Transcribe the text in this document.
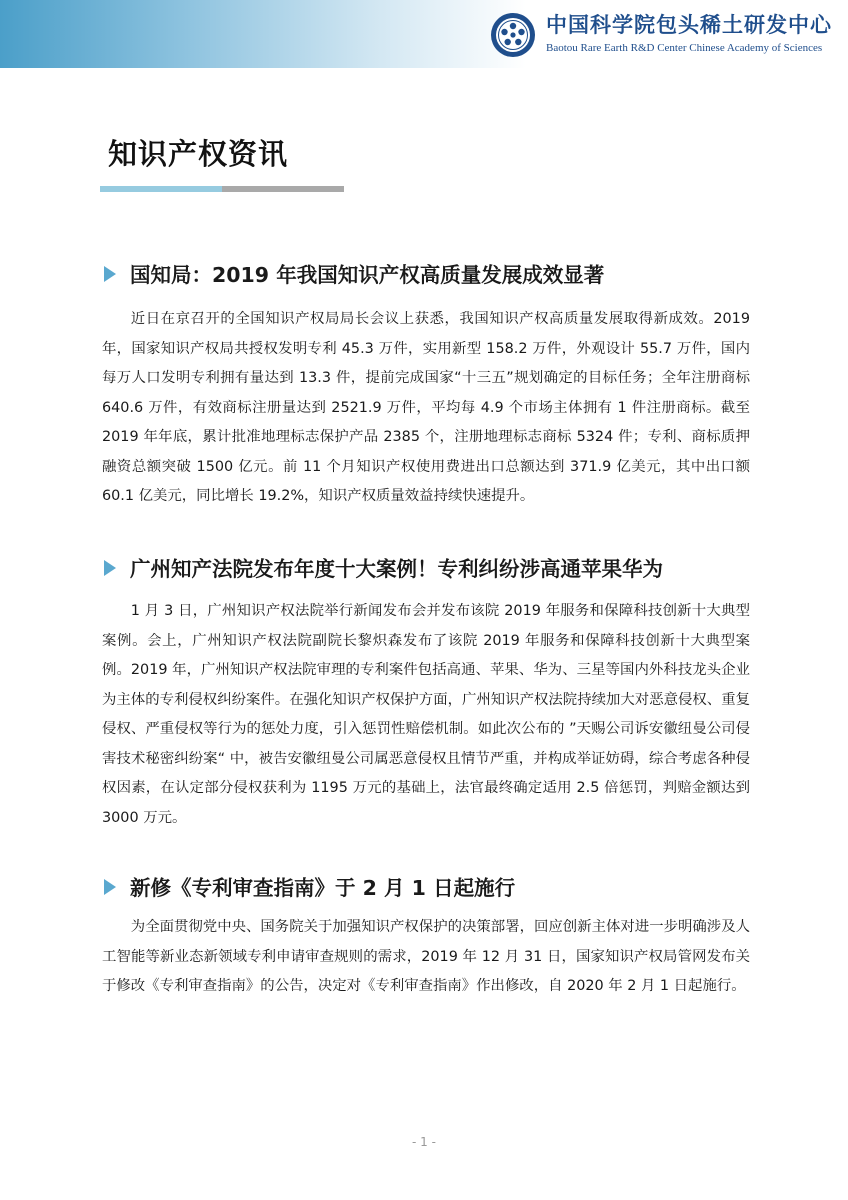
中国科学院包头稀土研发中心
Baotou Rare Earth R&D Center Chinese Academy of Sciences
知识产权资讯
国知局：2019 年我国知识产权高质量发展成效显著

近日在京召开的全国知识产权局局长会议上获悉，我国知识产权高质量发展取得新成效。2019 年，国家知识产权局共授权发明专利 45.3 万件，实用新型 158.2 万件，外观设计 55.7 万件，国内每万人口发明专利拥有量达到 13.3 件，提前完成国家“十三五”规划确定的目标任务；全年注册商标 640.6 万件，有效商标注册量达到 2521.9 万件，平均每 4.9 个市场主体拥有 1 件注册商标。截至 2019 年年底，累计批准地理标志保护产品 2385 个，注册地理标志商标 5324 件；专利、商标质押融资总额突破 1500 亿元。前 11 个月知识产权使用费进出口总额达到 371.9 亿美元，其中出口额 60.1 亿美元，同比增长 19.2%，知识产权质量效益持续快速提升。

广州知产法院发布年度十大案例！专利纠纷涉高通苹果华为

1 月 3 日，广州知识产权法院举行新闻发布会并发布该院 2019 年服务和保障科技创新十大典型案例。会上，广州知识产权法院副院长黎炽森发布了该院 2019 年服务和保障科技创新十大典型案例。2019 年，广州知识产权法院审理的专利案件包括高通、苹果、华为、三星等国内外科技龙头企业为主体的专利侵权纠纷案件。在强化知识产权保护方面，广州知识产权法院持续加大对恶意侵权、重复侵权、严重侵权等行为的惩处力度，引入惩罚性赔偿机制。如此次公布的 ”天赐公司诉安徽纽曼公司侵害技术秘密纠纷案“ 中，被告安徽纽曼公司属恶意侵权且情节严重，并构成举证妨碍，综合考虑各种侵权因素，在认定部分侵权获利为 1195 万元的基础上，法官最终确定适用 2.5 倍惩罚，判赔金额达到 3000 万元。

新修《专利审查指南》于 2 月 1 日起施行

为全面贯彻党中央、国务院关于加强知识产权保护的决策部署，回应创新主体对进一步明确涉及人工智能等新业态新领域专利申请审查规则的需求，2019 年 12 月 31 日，国家知识产权局管网发布关于修改《专利审查指南》的公告，决定对《专利审查指南》作出修改，自 2020 年 2 月 1 日起施行。

- 1 -
